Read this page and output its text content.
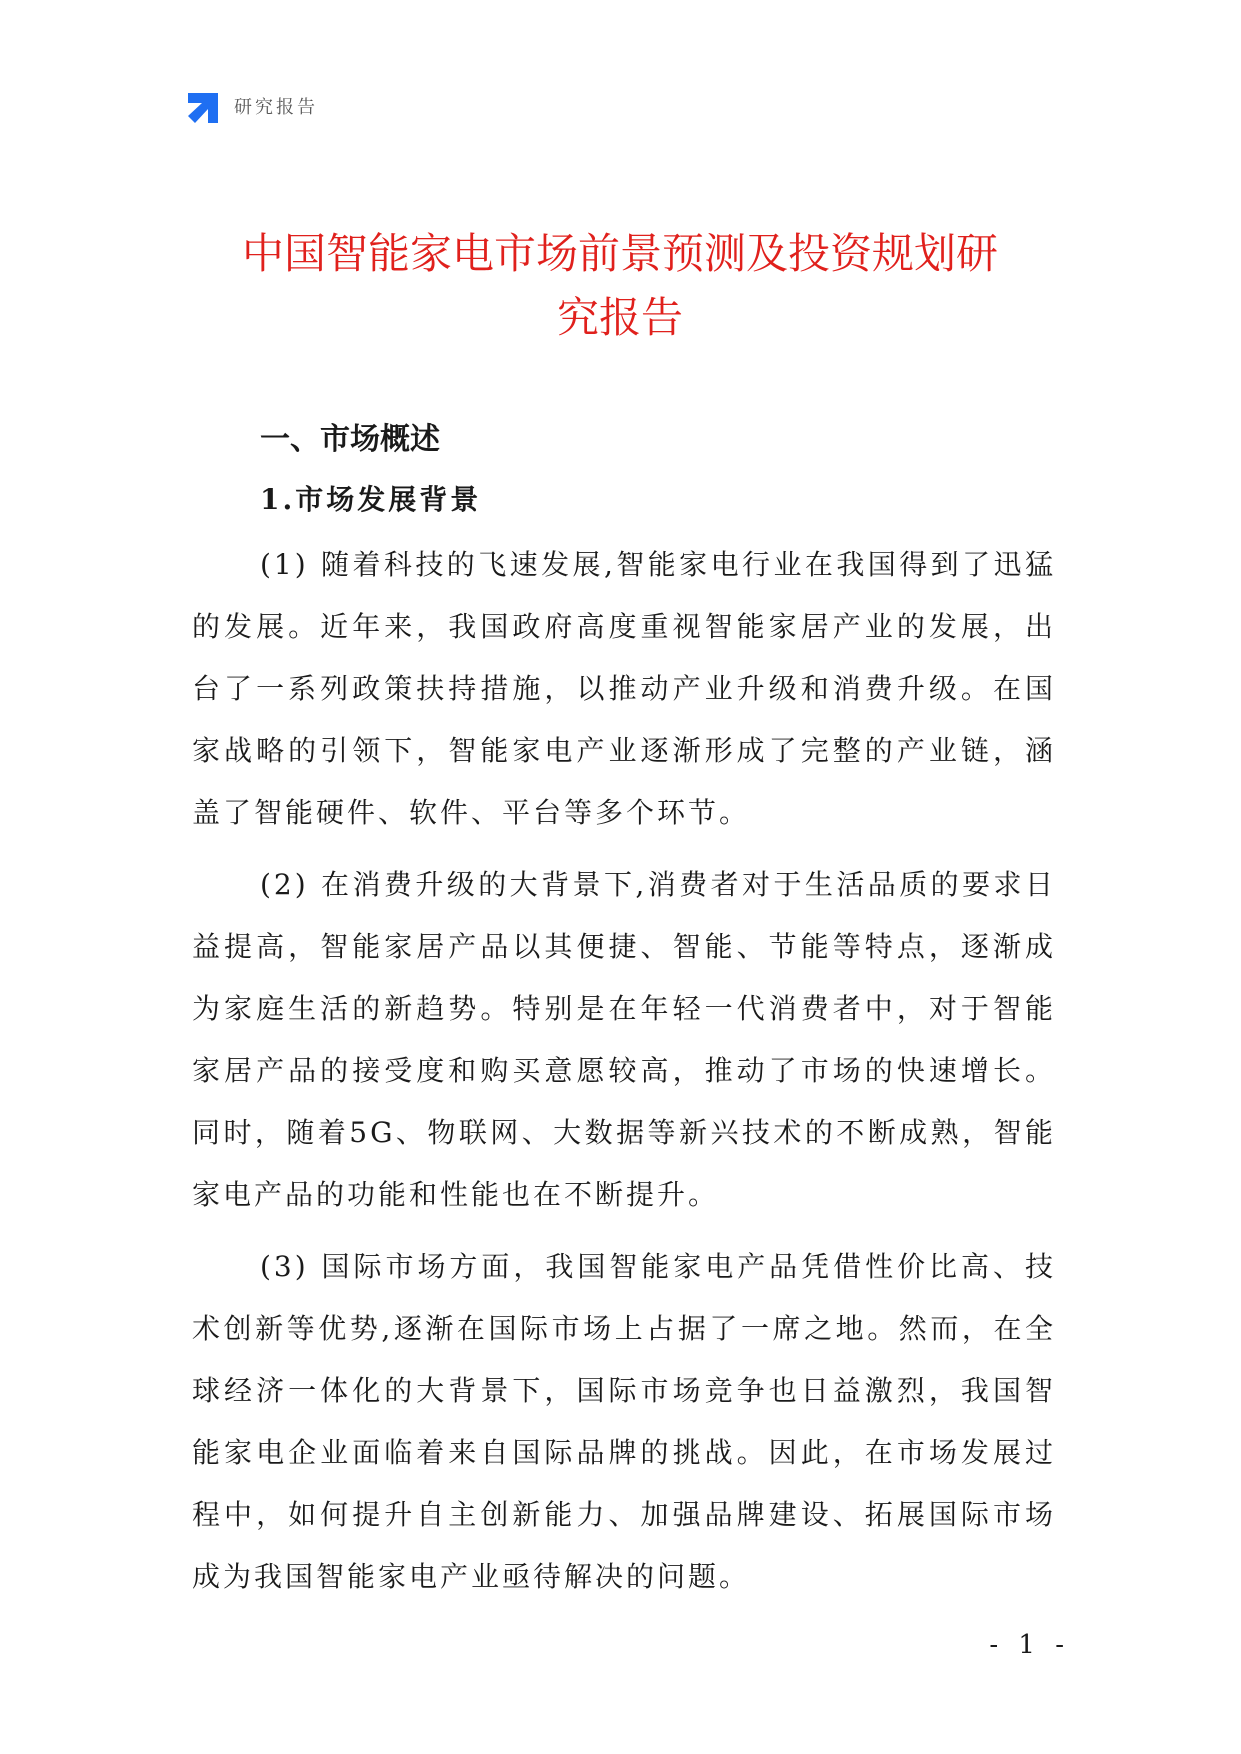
研究报告
中国智能家电市场前景预测及投资规划研
究报告
一、市场概述
1.市场发展背景

(1) 随着科技的飞速发展,智能家电行业在我国得到了迅猛的发展。近年来，我国政府高度重视智能家居产业的发展，出台了一系列政策扶持措施，以推动产业升级和消费升级。在国家战略的引领下，智能家电产业逐渐形成了完整的产业链，涵盖了智能硬件、软件、平台等多个环节。

(2) 在消费升级的大背景下,消费者对于生活品质的要求日益提高，智能家居产品以其便捷、智能、节能等特点，逐渐成为家庭生活的新趋势。特别是在年轻一代消费者中，对于智能家居产品的接受度和购买意愿较高，推动了市场的快速增长。同时，随着5G、物联网、大数据等新兴技术的不断成熟，智能家电产品的功能和性能也在不断提升。

(3) 国际市场方面，我国智能家电产品凭借性价比高、技术创新等优势,逐渐在国际市场上占据了一席之地。然而，在全球经济一体化的大背景下，国际市场竞争也日益激烈，我国智能家电企业面临着来自国际品牌的挑战。因此，在市场发展过程中，如何提升自主创新能力、加强品牌建设、拓展国际市场成为我国智能家电产业亟待解决的问题。

- 1 -
